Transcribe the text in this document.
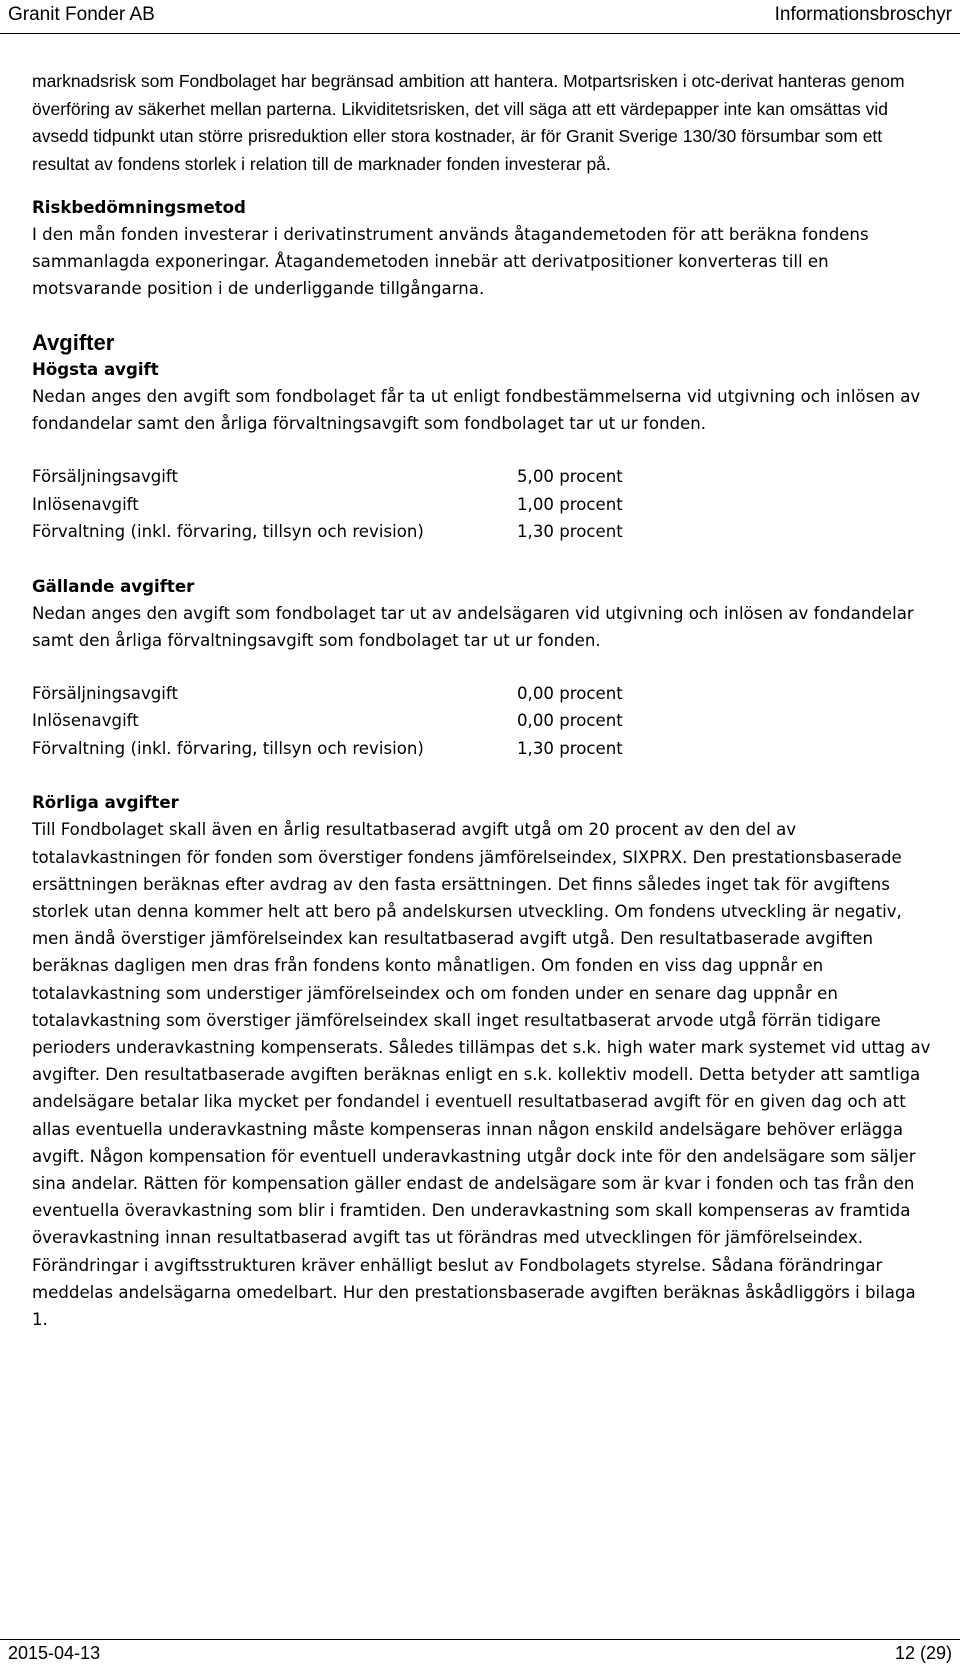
Granit Fonder AB	Informationsbroschyr

marknadsrisk som Fondbolaget har begränsad ambition att hantera. Motpartsrisken i otc-derivat hanteras genom överföring av säkerhet mellan parterna. Likviditetsrisken, det vill säga att ett värdepapper inte kan omsättas vid avsedd tidpunkt utan större prisreduktion eller stora kostnader, är för Granit Sverige 130/30 försumbar som ett resultat av fondens storlek i relation till de marknader fonden investerar på.

Riskbedömningsmetod

I den mån fonden investerar i derivatinstrument används åtagandemetoden för att beräkna fondens sammanlagda exponeringar. Åtagandemetoden innebär att derivatpositioner konverteras till en motsvarande position i de underliggande tillgångarna.

Avgifter

Högsta avgift

Nedan anges den avgift som fondbolaget får ta ut enligt fondbestämmelserna vid utgivning och inlösen av fondandelar samt den årliga förvaltningsavgift som fondbolaget tar ut ur fonden.

Försäljningsavgift	5,00 procent
Inlösenavgift	1,00 procent
Förvaltning (inkl. förvaring, tillsyn och revision)	1,30 procent

Gällande avgifter

Nedan anges den avgift som fondbolaget tar ut av andelsägaren vid utgivning och inlösen av fondandelar samt den årliga förvaltningsavgift som fondbolaget tar ut ur fonden.

Försäljningsavgift	0,00 procent
Inlösenavgift	0,00 procent
Förvaltning (inkl. förvaring, tillsyn och revision)	1,30 procent

Rörliga avgifter

Till Fondbolaget skall även en årlig resultatbaserad avgift utgå om 20 procent av den del av totalavkastningen för fonden som överstiger fondens jämförelseindex, SIXPRX. Den prestationsbaserade ersättningen beräknas efter avdrag av den fasta ersättningen. Det finns således inget tak för avgiftens storlek utan denna kommer helt att bero på andelskursen utveckling. Om fondens utveckling är negativ, men ändå överstiger jämförelseindex kan resultatbaserad avgift utgå. Den resultatbaserade avgiften beräknas dagligen men dras från fondens konto månatligen. Om fonden en viss dag uppnår en totalavkastning som understiger jämförelseindex och om fonden under en senare dag uppnår en totalavkastning som överstiger jämförelseindex skall inget resultatbaserat arvode utgå förrän tidigare perioders underavkastning kompenserats. Således tillämpas det s.k. high water mark systemet vid uttag av avgifter. Den resultatbaserade avgiften beräknas enligt en s.k. kollektiv modell. Detta betyder att samtliga andelsägare betalar lika mycket per fondandel i eventuell resultatbaserad avgift för en given dag och att allas eventuella underavkastning måste kompenseras innan någon enskild andelsägare behöver erlägga avgift. Någon kompensation för eventuell underavkastning utgår dock inte för den andelsägare som säljer sina andelar. Rätten för kompensation gäller endast de andelsägare som är kvar i fonden och tas från den eventuella överavkastning som blir i framtiden. Den underavkastning som skall kompenseras av framtida överavkastning innan resultatbaserad avgift tas ut förändras med utvecklingen för jämförelseindex. Förändringar i avgiftsstrukturen kräver enhälligt beslut av Fondbolagets styrelse. Sådana förändringar meddelas andelsägarna omedelbart. Hur den prestationsbaserade avgiften beräknas åskådliggörs i bilaga 1.

2015-04-13	12 (29)
